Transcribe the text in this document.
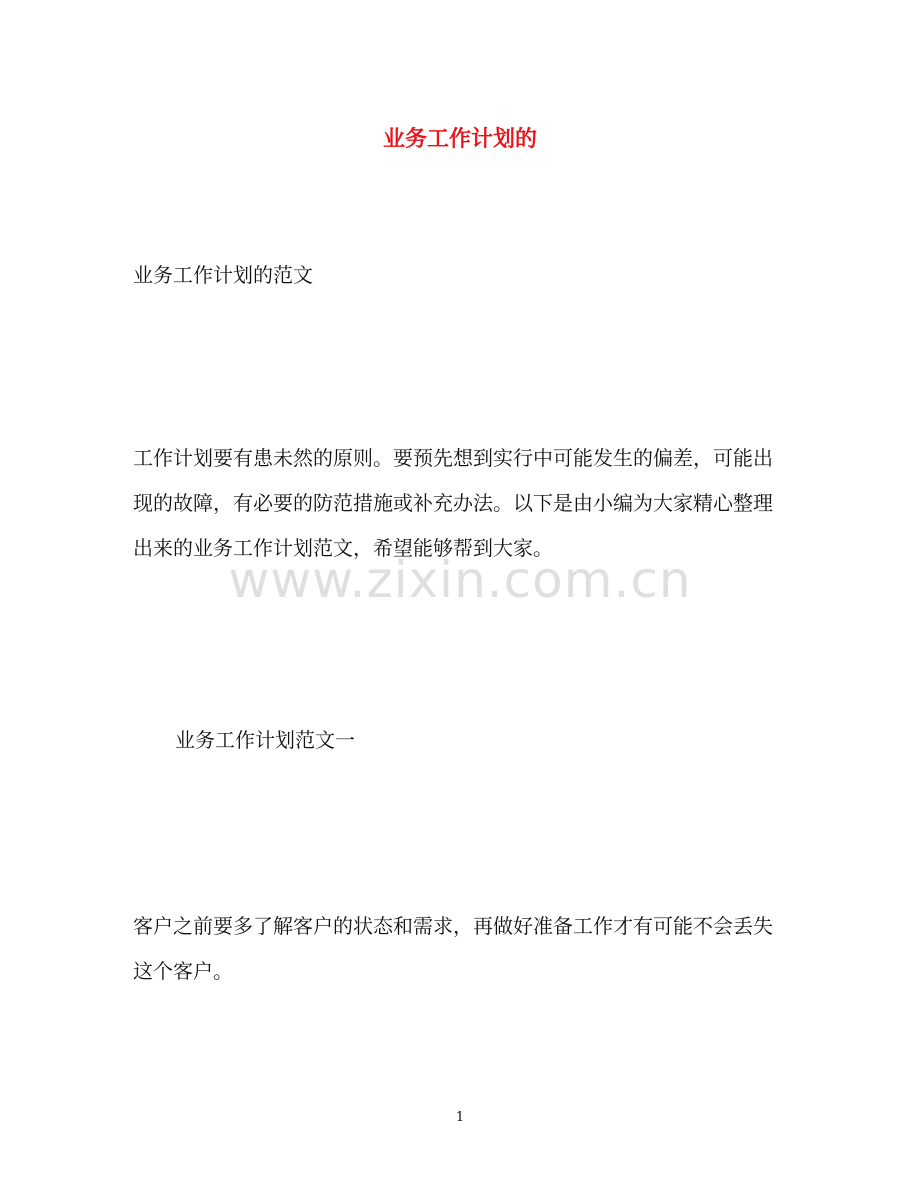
业务工作计划的

业务工作计划的范文

工作计划要有患未然的原则。要预先想到实行中可能发生的偏差，可能出现的故障，有必要的防范措施或补充办法。以下是由小编为大家精心整理出来的业务工作计划范文，希望能够帮到大家。

www.zixin.com.cn

业务工作计划范文一

客户之前要多了解客户的状态和需求，再做好准备工作才有可能不会丢失这个客户。

1
